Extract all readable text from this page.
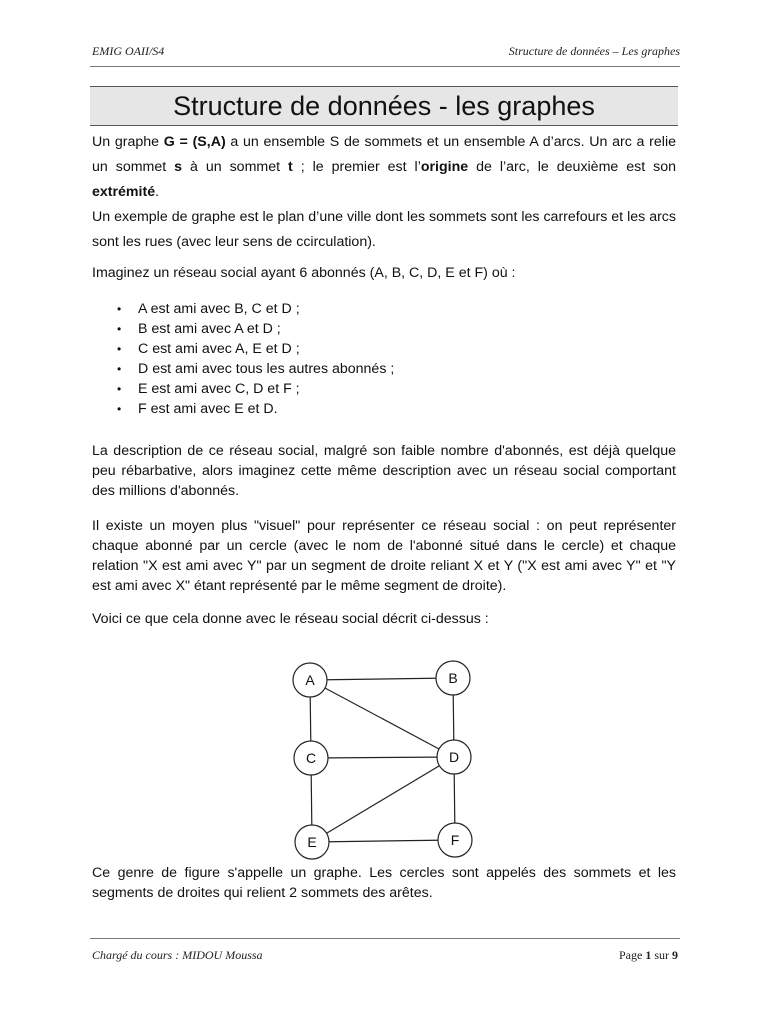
EMIG OAII/S4	Structure de données – Les graphes
Structure de données - les graphes

Un graphe G = (S,A) a un ensemble S de sommets et un ensemble A d’arcs. Un arc a relie un sommet s à un sommet t ; le premier est l’origine de l’arc, le deuxième est son extrémité.

Un exemple de graphe est le plan d’une ville dont les sommets sont les carrefours et les arcs sont les rues (avec leur sens de ccirculation).

Imaginez un réseau social ayant 6 abonnés (A, B, C, D, E et F) où :

• A est ami avec B, C et D ;
• B est ami avec A et D ;
• C est ami avec A, E et D ;
• D est ami avec tous les autres abonnés ;
• E est ami avec C, D et F ;
• F est ami avec E et D.

La description de ce réseau social, malgré son faible nombre d'abonnés, est déjà quelque peu rébarbative, alors imaginez cette même description avec un réseau social comportant des millions d'abonnés.

Il existe un moyen plus "visuel" pour représenter ce réseau social : on peut représenter chaque abonné par un cercle (avec le nom de l'abonné situé dans le cercle) et chaque relation "X est ami avec Y" par un segment de droite reliant X et Y ("X est ami avec Y" et "Y est ami avec X" étant représenté par le même segment de droite).

Voici ce que cela donne avec le réseau social décrit ci-dessus :

A	B
C	D
E	F

Ce genre de figure s'appelle un graphe. Les cercles sont appelés des sommets et les segments de droites qui relient 2 sommets des arêtes.

Chargé du cours : MIDOU Moussa	Page 1 sur 9
